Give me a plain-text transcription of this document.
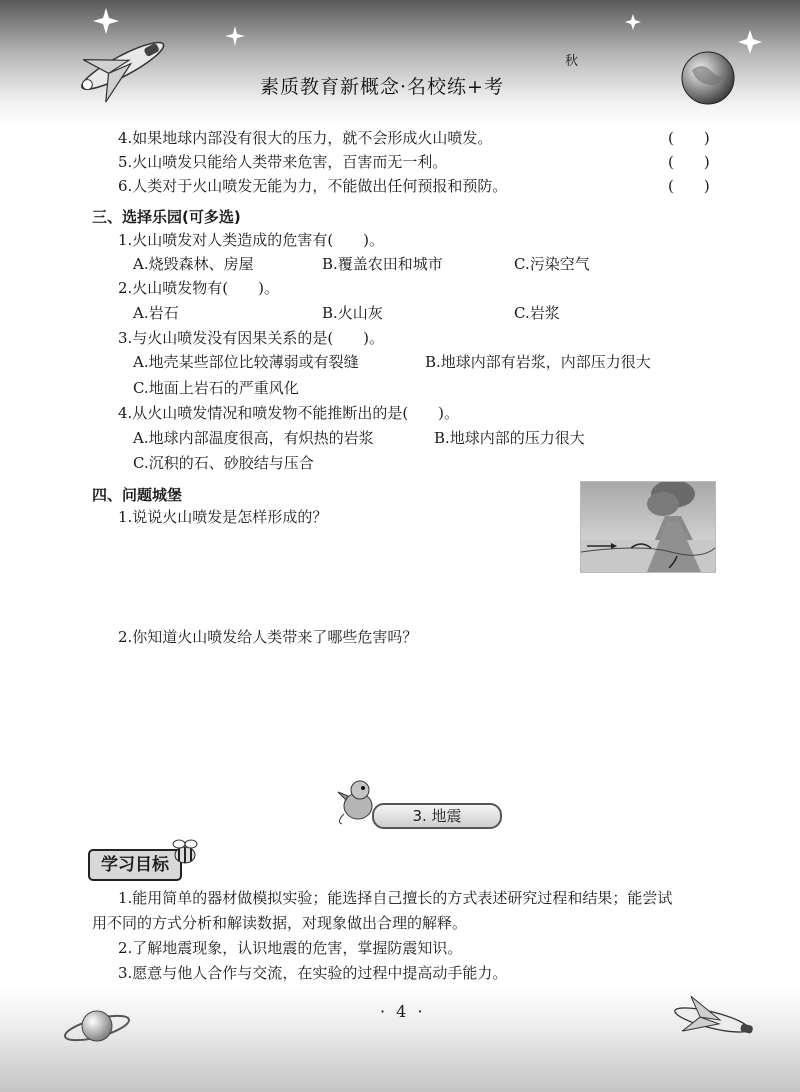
秋
素质教育新概念·名校练+考
4.如果地球内部没有很大的压力，就不会形成火山喷发。	(　　)
5.火山喷发只能给人类带来危害，百害而无一利。	(　　)
6.人类对于火山喷发无能为力，不能做出任何预报和预防。	(　　)
三、选择乐园(可多选)
1.火山喷发对人类造成的危害有(　　)。
A.烧毁森林、房屋	B.覆盖农田和城市	C.污染空气
2.火山喷发物有(　　)。
A.岩石	B.火山灰	C.岩浆
3.与火山喷发没有因果关系的是(　　)。
A.地壳某些部位比较薄弱或有裂缝	B.地球内部有岩浆，内部压力很大
C.地面上岩石的严重风化
4.从火山喷发情况和喷发物不能推断出的是(　　)。
A.地球内部温度很高，有炽热的岩浆	B.地球内部的压力很大
C.沉积的石、砂胶结与压合
四、问题城堡
1.说说火山喷发是怎样形成的？
2.你知道火山喷发给人类带来了哪些危害吗？
3. 地震
学习目标
1.能用简单的器材做模拟实验；能选择自己擅长的方式表述研究过程和结果；能尝试
用不同的方式分析和解读数据，对现象做出合理的解释。
2.了解地震现象，认识地震的危害，掌握防震知识。
3.愿意与他人合作与交流，在实验的过程中提高动手能力。
· 4 ·
